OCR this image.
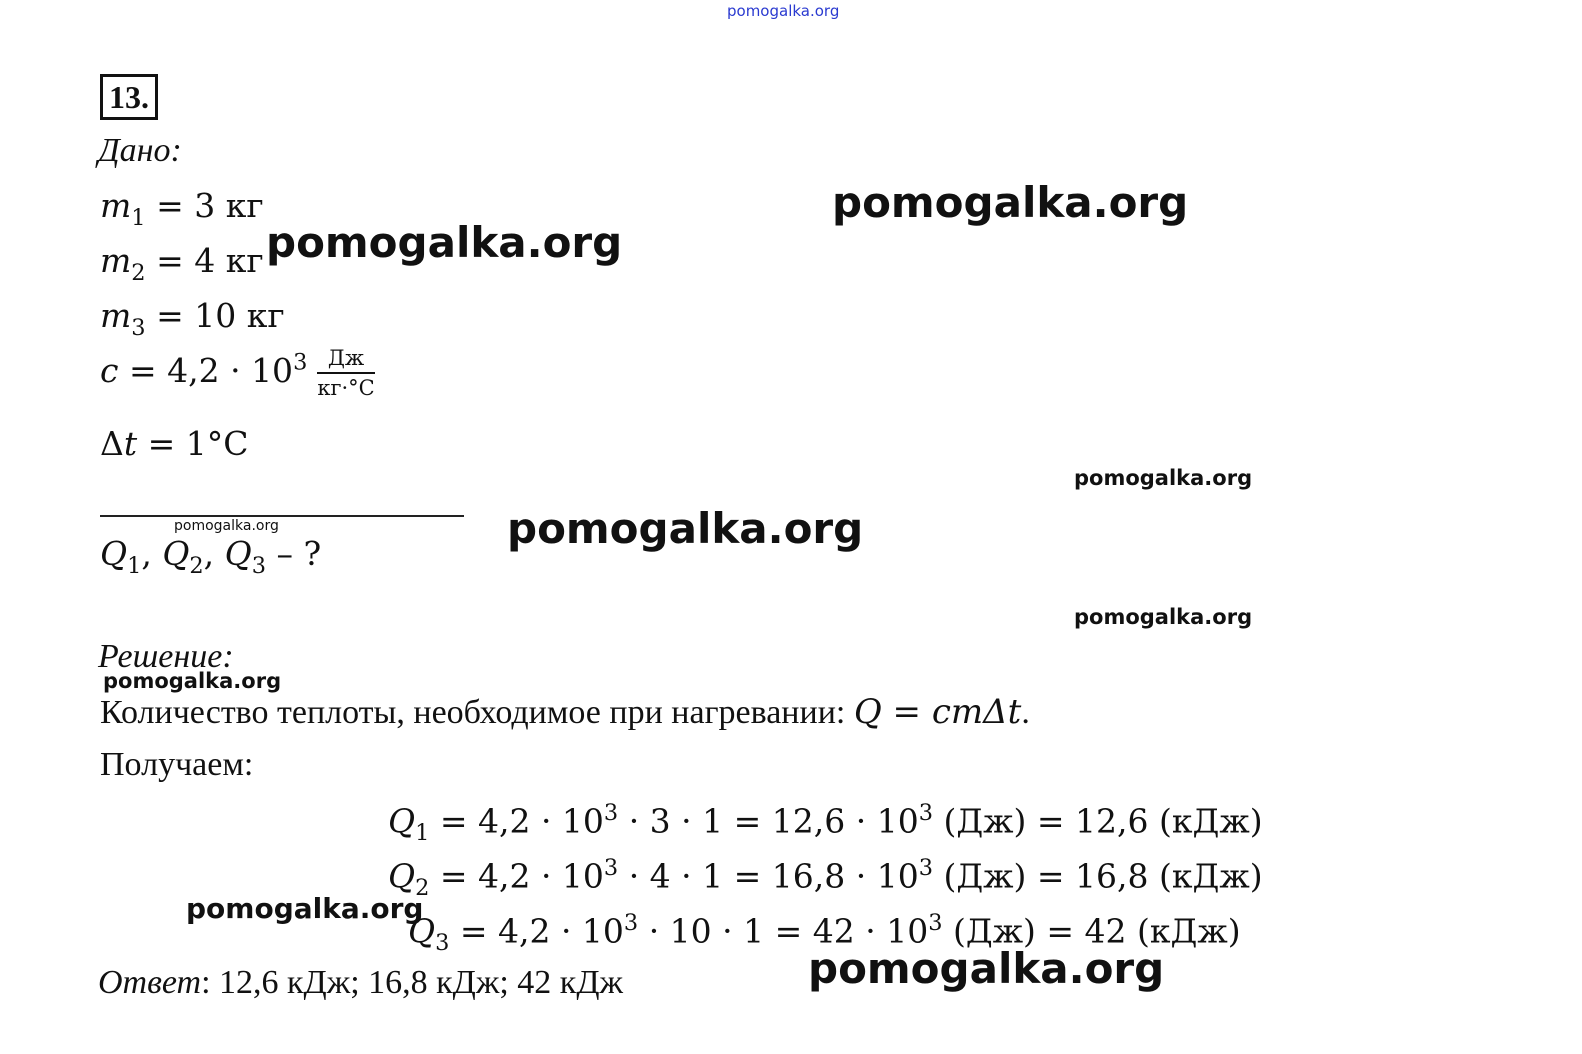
pomogalka.org
13.
Дано:
$m_1 = 3$ кг
$m_2 = 4$ кг
$m_3 = 10$ кг
$c = 4,2 \cdot 10^3 \frac{Дж}{кг\cdot^\circ C}$
Δt = 1°C
$Q_1$, $Q_2$, $Q_3$ – ?
Решение:
Количество теплоты, необходимое при нагревании: Q = cmΔt.
Получаем:
$Q_1 = 4,2 \cdot 10^3 \cdot 3 \cdot 1 = 12,6 \cdot 10^3$ (Дж) = 12,6 (кДж)
$Q_2 = 4,2 \cdot 10^3 \cdot 4 \cdot 1 = 16,8 \cdot 10^3$ (Дж) = 16,8 (кДж)
$Q_3 = 4,2 \cdot 10^3 \cdot 10 \cdot 1 = 42 \cdot 10^3$ (Дж) = 42 (кДж)
Ответ: 12,6 кДж; 16,8 кДж; 42 кДж
pomogalka.org
pomogalka.org
pomogalka.org
pomogalka.org	pomogalka.org
pomogalka.org
pomogalka.org
pomogalka.org
pomogalka.org
